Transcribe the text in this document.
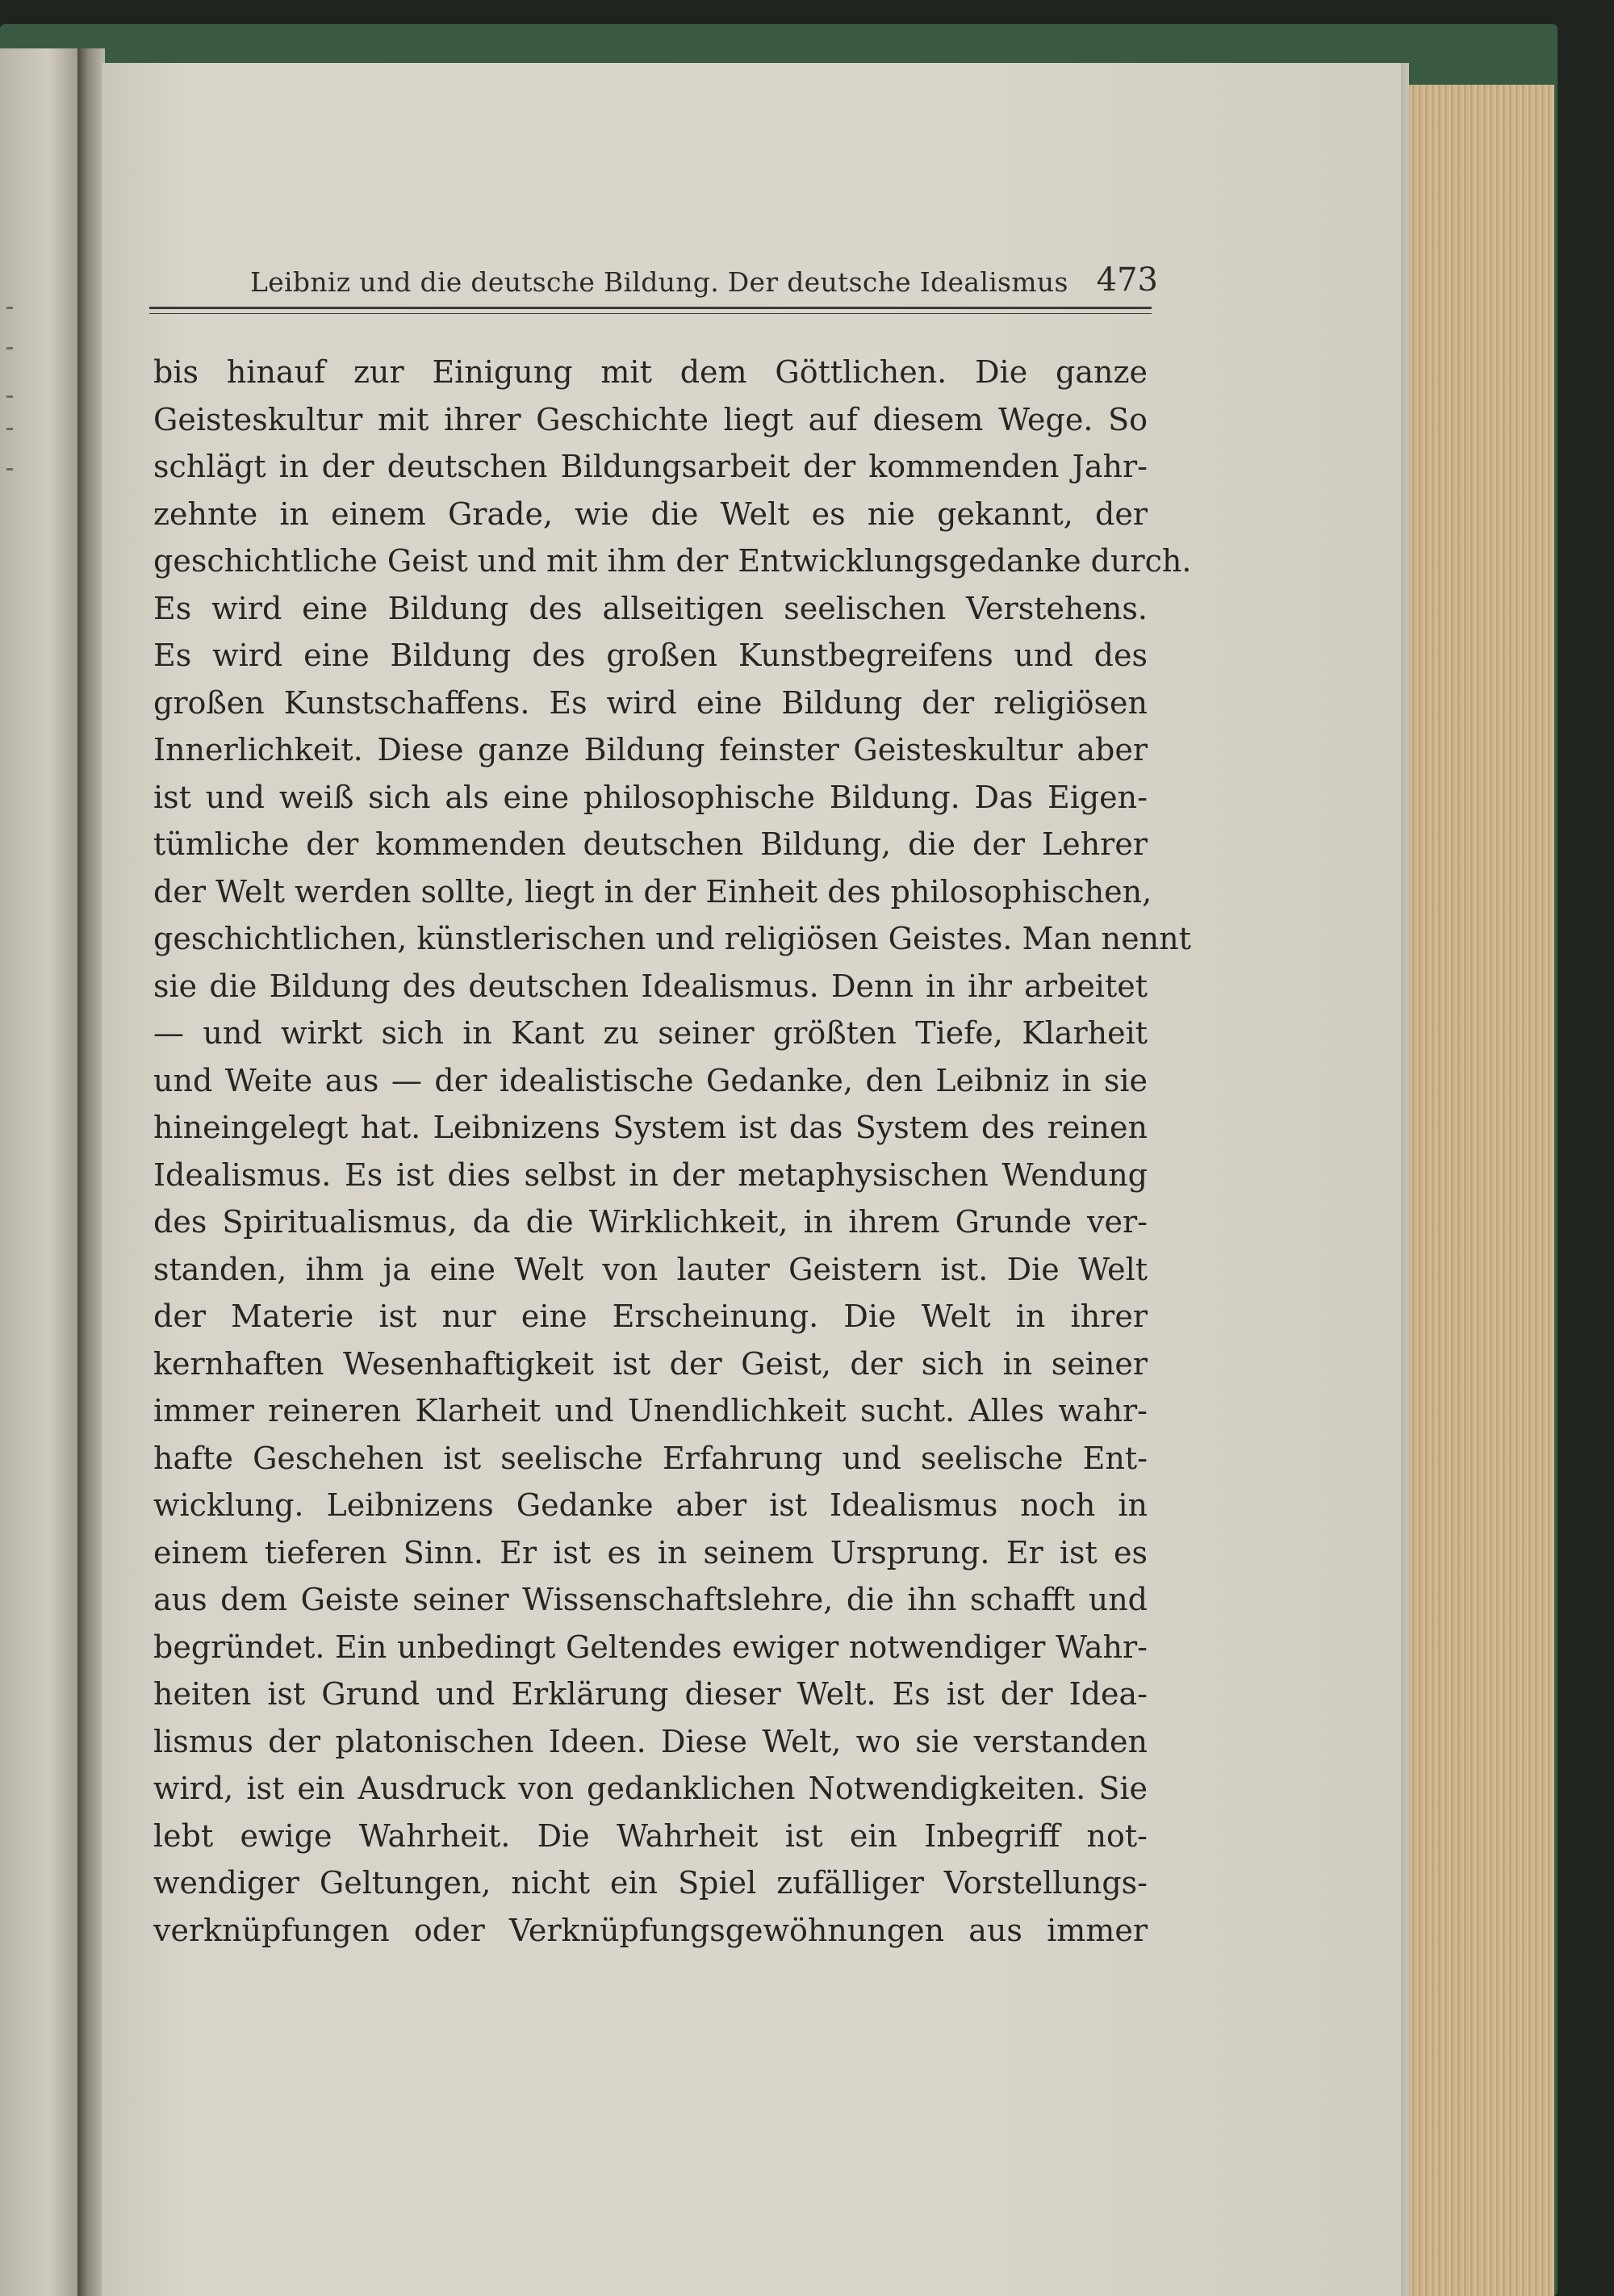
Leibniz und die deutsche Bildung. Der deutsche Idealismus 473
bis hinauf zur Einigung mit dem Göttlichen. Die ganze
Geisteskultur mit ihrer Geschichte liegt auf diesem Wege. So
schlägt in der deutschen Bildungsarbeit der kommenden Jahr-
zehnte in einem Grade, wie die Welt es nie gekannt, der
geschichtliche Geist und mit ihm der Entwicklungsgedanke durch.
Es wird eine Bildung des allseitigen seelischen Verstehens.
Es wird eine Bildung des großen Kunstbegreifens und des
großen Kunstschaffens. Es wird eine Bildung der religiösen
Innerlichkeit. Diese ganze Bildung feinster Geisteskultur aber
ist und weiß sich als eine philosophische Bildung. Das Eigen-
tümliche der kommenden deutschen Bildung, die der Lehrer
der Welt werden sollte, liegt in der Einheit des philosophischen,
geschichtlichen, künstlerischen und religiösen Geistes. Man nennt
sie die Bildung des deutschen Idealismus. Denn in ihr arbeitet
— und wirkt sich in Kant zu seiner größten Tiefe, Klarheit
und Weite aus — der idealistische Gedanke, den Leibniz in sie
hineingelegt hat. Leibnizens System ist das System des reinen
Idealismus. Es ist dies selbst in der metaphysischen Wendung
des Spiritualismus, da die Wirklichkeit, in ihrem Grunde ver-
standen, ihm ja eine Welt von lauter Geistern ist. Die Welt
der Materie ist nur eine Erscheinung. Die Welt in ihrer
kernhaften Wesenhaftigkeit ist der Geist, der sich in seiner
immer reineren Klarheit und Unendlichkeit sucht. Alles wahr-
hafte Geschehen ist seelische Erfahrung und seelische Ent-
wicklung. Leibnizens Gedanke aber ist Idealismus noch in
einem tieferen Sinn. Er ist es in seinem Ursprung. Er ist es
aus dem Geiste seiner Wissenschaftslehre, die ihn schafft und
begründet. Ein unbedingt Geltendes ewiger notwendiger Wahr-
heiten ist Grund und Erklärung dieser Welt. Es ist der Idea-
lismus der platonischen Ideen. Diese Welt, wo sie verstanden
wird, ist ein Ausdruck von gedanklichen Notwendigkeiten. Sie
lebt ewige Wahrheit. Die Wahrheit ist ein Inbegriff not-
wendiger Geltungen, nicht ein Spiel zufälliger Vorstellungs-
verknüpfungen oder Verknüpfungsgewöhnungen aus immer
